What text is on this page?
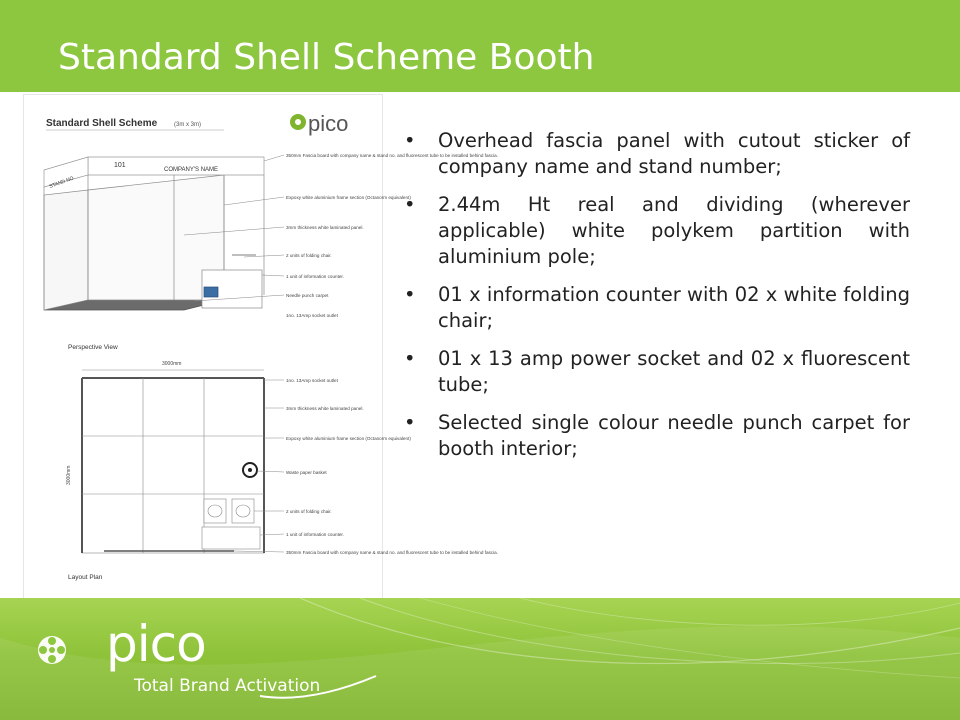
Standard Shell Scheme Booth
Standard Shell Scheme	(3m x 3m)	pico
101
COMPANY'S NAME
STAND NO
350mm Fascia board with company name & stand no. and fluorescent tube to be installed behind fascia.
Expoxy white aluminium frame section (Octanorm equivalent)
3mm thickness white laminated panel.
2 units of folding chair.
1 unit of information counter.
Needle punch carpet
1no. 13Amp socket outlet
Perspective View
3000mm
3000mm
1no. 13Amp socket outlet
3mm thickness white laminated panel.
Expoxy white aluminium frame section (Octanorm equivalent)
Waste paper basket
2 units of folding chair.
1 unit of information counter.
350mm Fascia board with company name & stand no. and fluorescent tube to be installed behind fascia.
Layout Plan
• Overhead fascia panel with cutout sticker of company name and stand number;
• 2.44m Ht real and dividing (wherever applicable) white polykem partition with aluminium pole;
• 01 x information counter with 02 x white folding chair;
• 01 x 13 amp power socket and 02 x fluorescent tube;
• Selected single colour needle punch carpet for booth interior;
pico
Total Brand Activation
